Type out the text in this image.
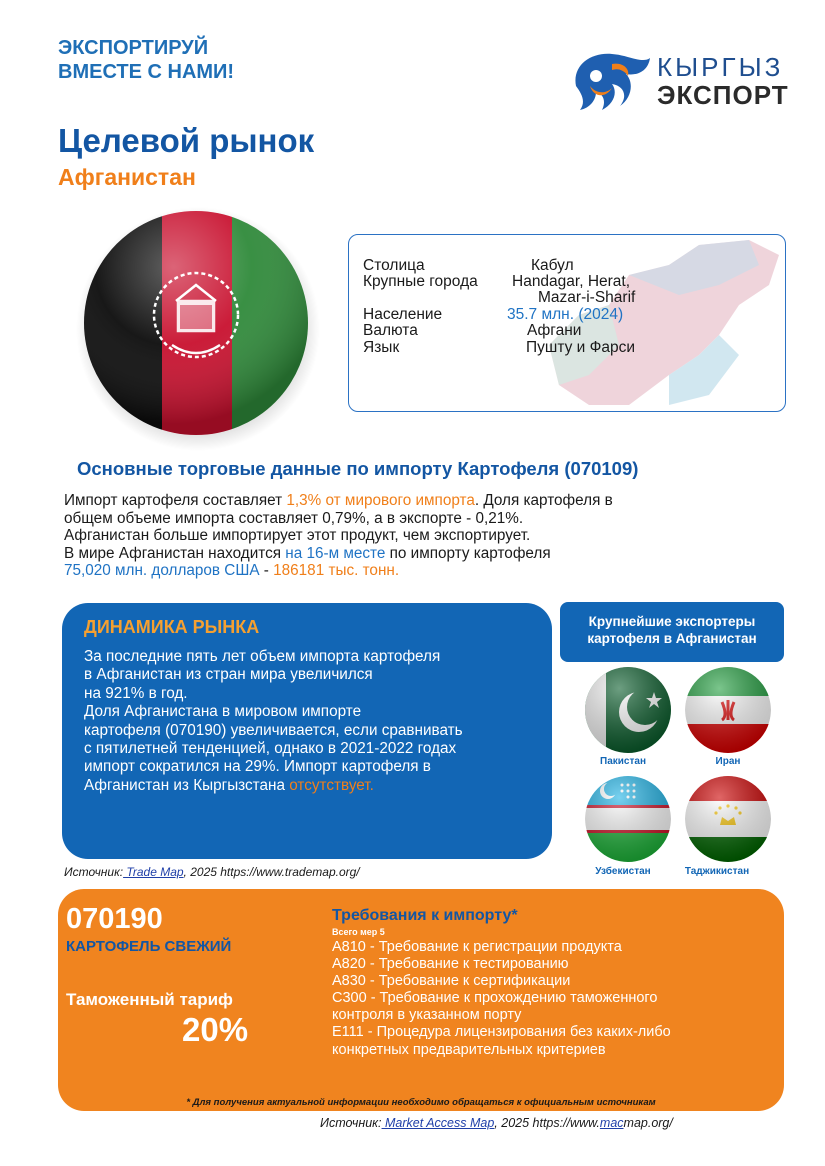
ЭКСПОРТИРУЙ
ВМЕСТЕ С НАМИ!	КЫРГЫЗ
ЭКСПОРТ
Целевой рынок
Афганистан
Столица	Кабул
Крупные города Handagar, Herat,
Mazar-i-Sharif
Население	35.7 млн. (2024)
Валюта	Афгани
Язык	Пушту и Фарси
Основные торговые данные по импорту Картофеля (070109)
Импорт картофеля составляет 1,3% от мирового импорта. Доля картофеля в
общем объеме импорта составляет 0,79%, а в экспорте - 0,21%.
Афганистан больше импортирует этот продукт, чем экспортирует.
В мире Афганистан находится на 16-м месте по импорту картофеля
75,020 млн. долларов США - 186181 тыс. тонн.
ДИНАМИКА РЫНКА
За последние пять лет объем импорта картофеля
в Афганистан из стран мира увеличился
на 921% в год.
Доля Афганистана в мировом импорте
картофеля (070190) увеличивается, если сравнивать
с пятилетней тенденцией, однако в 2021-2022 годах
импорт сократился на 29%. Импорт картофеля в
Афганистан из Кыргызстана отсутствует.
Крупнейшие экспортеры
картофеля в Афганистан
Пакистан	Иран
Узбекистан	Таджикистан
Источник: Trade Map, 2025 https://www.trademap.org/
070190
КАРТОФЕЛЬ СВЕЖИЙ
Таможенный тариф
20%
Требования к импорту*
Всего мер 5
A810 - Требование к регистрации продукта
A820 - Требование к тестированию
A830 - Требование к сертификации
C300 - Требование к прохождению таможенного
контроля в указанном порту
E111 - Процедура лицензирования без каких-либо
конкретных предварительных критериев
* Для получения актуальной информации необходимо обращаться к официальным источникам
Источник: Market Access Map, 2025 https://www.macmap.org/
